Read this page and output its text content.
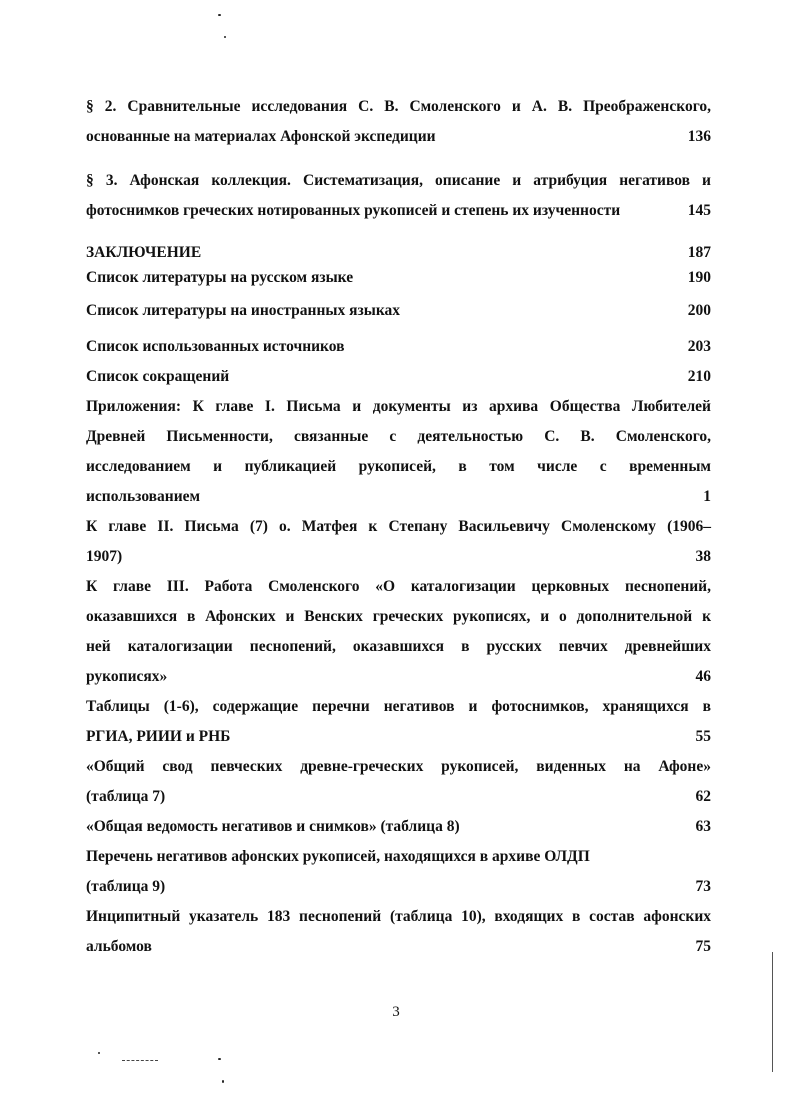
§ 2. Сравнительные исследования С. В. Смоленского и А. В. Преображенского,
основанные на материалах Афонской экспедиции	136
§ 3. Афонская коллекция. Систематизация, описание и атрибуция негативов и
фотоснимков греческих нотированных рукописей и степень их изученности	145
ЗАКЛЮЧЕНИЕ	187
Список литературы на русском языке	190
Список литературы на иностранных языках	200
Список использованных источников	203
Список сокращений	210
Приложения: К главе I. Письма и документы из архива Общества Любителей
Древней Письменности, связанные с деятельностью С. В. Смоленского,
исследованием и публикацией рукописей, в том числе с временным
использованием	1
К главе II. Письма (7) о. Матфея к Степану Васильевичу Смоленскому (1906–
1907)	38
К главе III. Работа Смоленского «О каталогизации церковных песнопений,
оказавшихся в Афонских и Венских греческих рукописях, и о дополнительной к
ней каталогизации песнопений, оказавшихся в русских певчих древнейших
рукописях»	46
Таблицы (1-6), содержащие перечни негативов и фотоснимков, хранящихся в
РГИА, РИИИ и РНБ	55
«Общий свод певческих древне-греческих рукописей, виденных на Афоне»
(таблица 7)	62
«Общая ведомость негативов и снимков» (таблица 8)	63
Перечень негативов афонских рукописей, находящихся в архиве ОЛДП
(таблица 9)	73
Инципитный указатель 183 песнопений (таблица 10), входящих в состав афонских
альбомов	75
3
